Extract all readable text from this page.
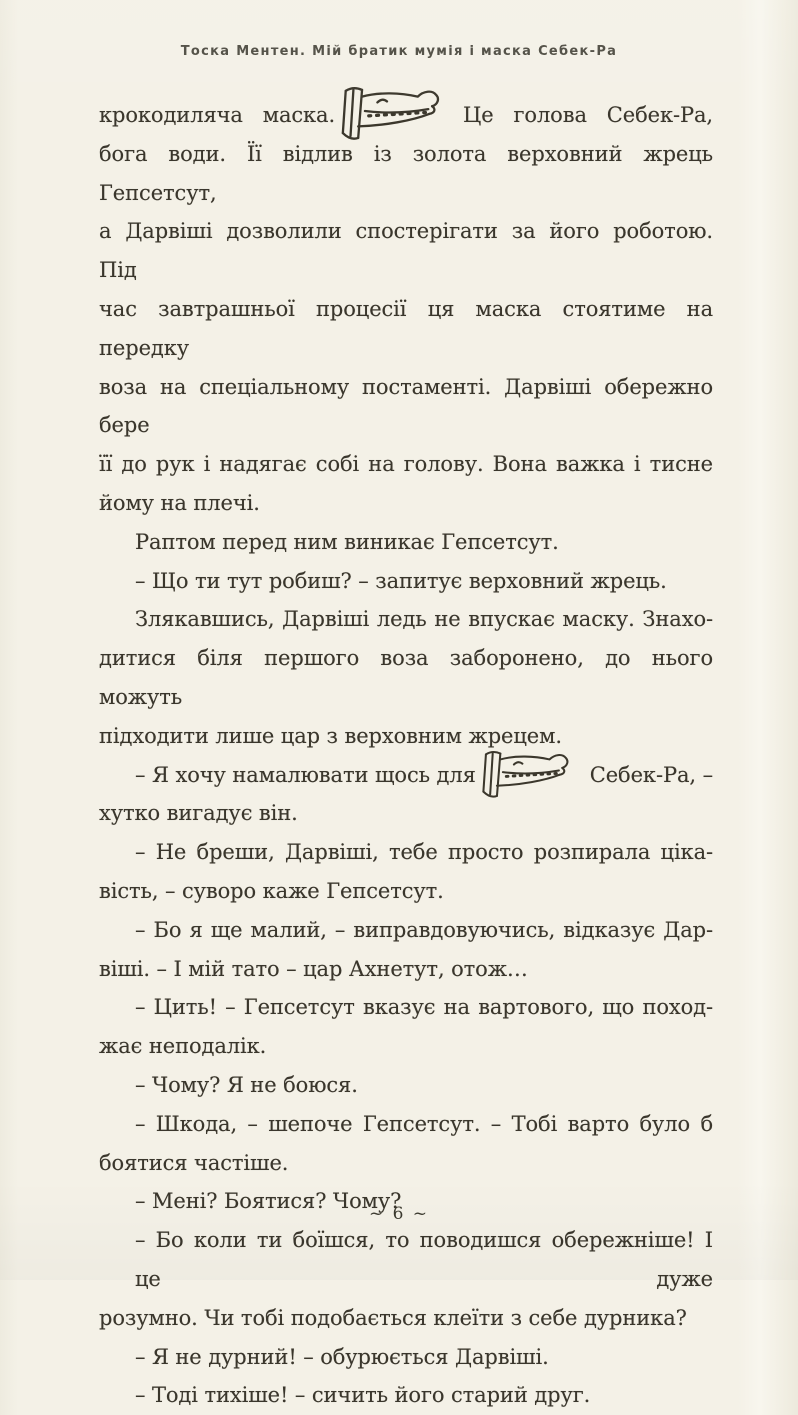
Тоска Ментен. Мій братик мумія і маска Себек-Ра
крокодиляча маска.	Це голова Себек-Ра,
бога води. Її відлив із золота верховний жрець Гепсетсут,
а Дарвіші дозволили спостерігати за його роботою. Під
час завтрашньої процесії ця маска стоятиме на передку
воза на спеціальному постаменті. Дарвіші обережно бере
її до рук і надягає собі на голову. Вона важка і тисне
йому на плечі.
Раптом перед ним виникає Гепсетсут.
– Що ти тут робиш? – запитує верховний жрець.
Злякавшись, Дарвіші ледь не впускає маску. Знахо-
дитися біля першого воза заборонено, до нього можуть
підходити лише цар з верховним жрецем.
– Я хочу намалювати щось для	Себек-Ра, –
хутко вигадує він.
– Не бреши, Дарвіші, тебе просто розпирала ціка-
вість, – суворо каже Гепсетсут.
– Бо я ще малий, – виправдовуючись, відказує Дар-
віші. – І мій тато – цар Ахнетут, отож…
– Цить! – Гепсетсут вказує на вартового, що поход-
жає неподалік.
– Чому? Я не боюся.
– Шкода, – шепоче Гепсетсут. – Тобі варто було б
боятися частіше.
– Мені? Боятися? Чому?
– Бо коли ти боїшся, то поводишся обережніше! І це дуже
розумно. Чи тобі подобається клеїти з себе дурника?
– Я не дурний! – обурюється Дарвіші.
– Тоді тихіше! – сичить його старий друг.
~ 6 ~
